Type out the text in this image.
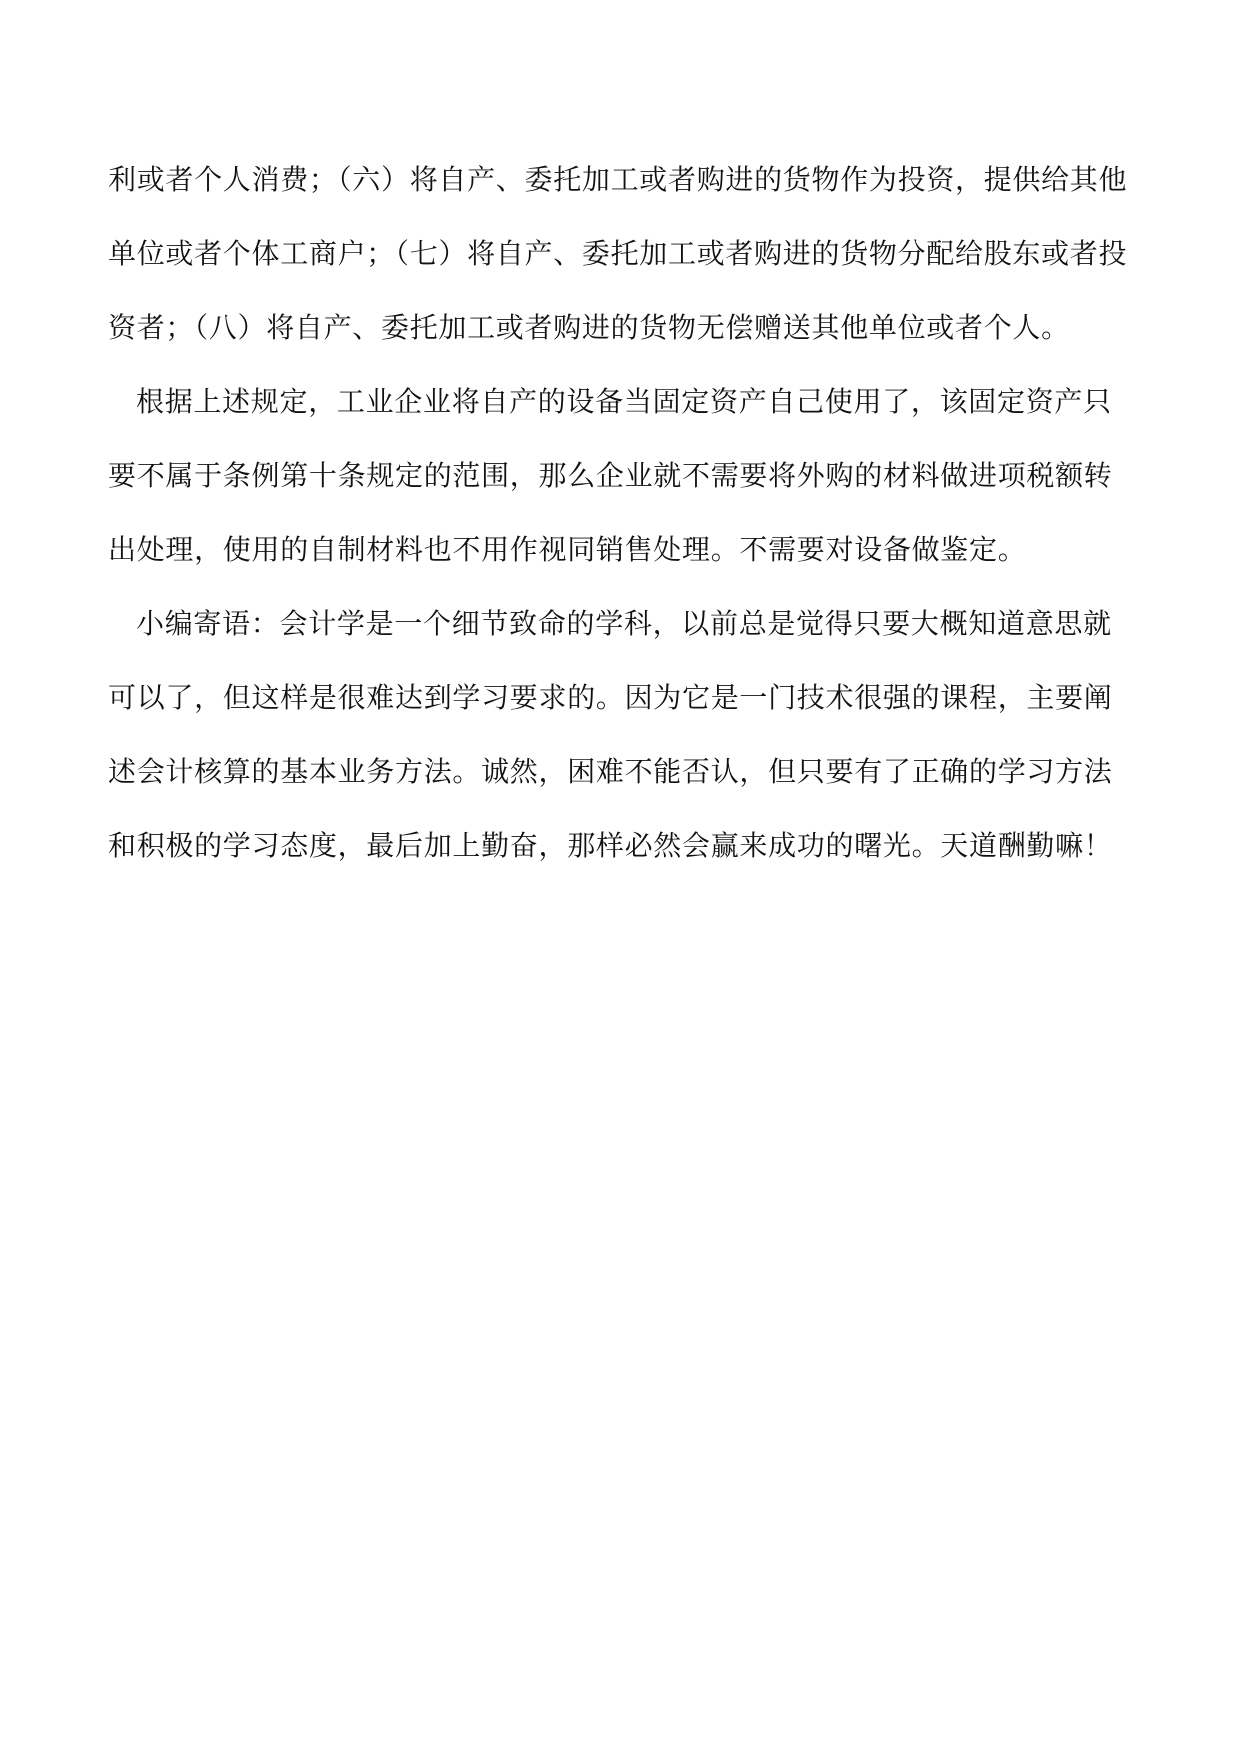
利或者个人消费；（六）将自产、委托加工或者购进的货物作为投资，提供给其他
单位或者个体工商户；（七）将自产、委托加工或者购进的货物分配给股东或者投
资者；（八）将自产、委托加工或者购进的货物无偿赠送其他单位或者个人。
根据上述规定，工业企业将自产的设备当固定资产自己使用了，该固定资产只
要不属于条例第十条规定的范围，那么企业就不需要将外购的材料做进项税额转
出处理，使用的自制材料也不用作视同销售处理。不需要对设备做鉴定。
小编寄语：会计学是一个细节致命的学科，以前总是觉得只要大概知道意思就
可以了，但这样是很难达到学习要求的。因为它是一门技术很强的课程，主要阐
述会计核算的基本业务方法。诚然，困难不能否认，但只要有了正确的学习方法
和积极的学习态度，最后加上勤奋，那样必然会赢来成功的曙光。天道酬勤嘛！
